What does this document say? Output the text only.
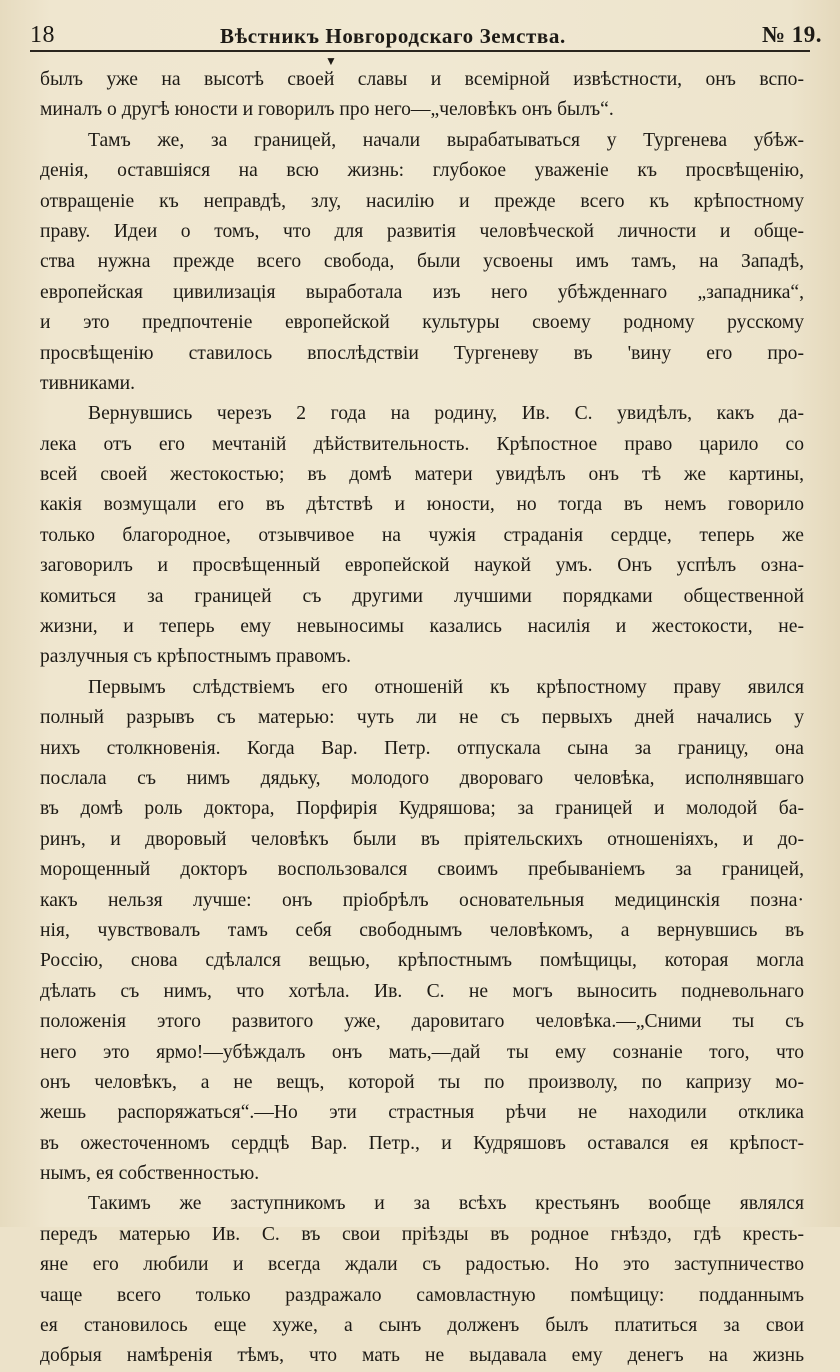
18	Вѣстникъ Новгородскаго Земства.	№ 19.
▼
былъ уже на высотѣ своей славы и всемірной извѣстности, онъ вспо-
миналъ о другѣ юности и говорилъ про него—„человѣкъ онъ былъ“.
Тамъ же, за границей, начали вырабатываться у Тургенева убѣж-
денія, оставшіяся на всю жизнь: глубокое уваженіе къ просвѣщенію,
отвращеніе къ неправдѣ, злу, насилію и прежде всего къ крѣпостному
праву. Идеи о томъ, что для развитія человѣческой личности и обще-
ства нужна прежде всего свобода, были усвоены имъ тамъ, на Западѣ,
европейская цивилизація выработала изъ него убѣжденнаго „западника“,
и это предпочтеніе европейской культуры своему родному русскому
просвѣщенію ставилось впослѣдствіи Тургеневу въ 'вину его про-
тивниками.
Вернувшись черезъ 2 года на родину, Ив. С. увидѣлъ, какъ да-
лека отъ его мечтаній дѣйствительность. Крѣпостное право царило со
всей своей жестокостью; въ домѣ матери увидѣлъ онъ тѣ же картины,
какія возмущали его въ дѣтствѣ и юности, но тогда въ немъ говорило
только благородное, отзывчивое на чужія страданія сердце, теперь же
заговорилъ и просвѣщенный европейской наукой умъ. Онъ успѣлъ озна-
комиться за границей съ другими лучшими порядками общественной
жизни, и теперь ему невыносимы казались насилія и жестокости, не-
разлучныя съ крѣпостнымъ правомъ.
Первымъ слѣдствіемъ его отношеній къ крѣпостному праву явился
полный разрывъ съ матерью: чуть ли не съ первыхъ дней начались у
нихъ столкновенія. Когда Вар. Петр. отпускала сына за границу, она
послала съ нимъ дядьку, молодого двороваго человѣка, исполнявшаго
въ домѣ роль доктора, Порфирія Кудряшова; за границей и молодой ба-
ринъ, и дворовый человѣкъ были въ пріятельскихъ отношеніяхъ, и до-
морощенный докторъ воспользовался своимъ пребываніемъ за границей,
какъ нельзя лучше: онъ пріобрѣлъ основательныя медицинскія позна·
нія, чувствовалъ тамъ себя свободнымъ человѣкомъ, а вернувшись въ
Россію, снова сдѣлался вещью, крѣпостнымъ помѣщицы, которая могла
дѣлать съ нимъ, что хотѣла. Ив. С. не могъ выносить подневольнаго
положенія этого развитого уже, даровитаго человѣка.—„Сними ты съ
него это ярмо!—убѣждалъ онъ мать,—дай ты ему сознаніе того, что
онъ человѣкъ, а не вещъ, которой ты по произволу, по капризу мо-
жешь распоряжаться“.—Но эти страстныя рѣчи не находили отклика
въ ожесточенномъ сердцѣ Вар. Петр., и Кудряшовъ оставался ея крѣпост-
нымъ, ея собственностью.
Такимъ же заступникомъ и за всѣхъ крестьянъ вообще являлся
передъ матерью Ив. С. въ свои пріѣзды въ родное гнѣздо, гдѣ кресть-
яне его любили и всегда ждали съ радостью. Но это заступничество
чаще всего только раздражало самовластную помѣщицу: подданнымъ
ея становилось еще хуже, а сынъ долженъ былъ платиться за свои
добрыя намѣренія тѣмъ, что мать не выдавала ему денегъ на жизнь
